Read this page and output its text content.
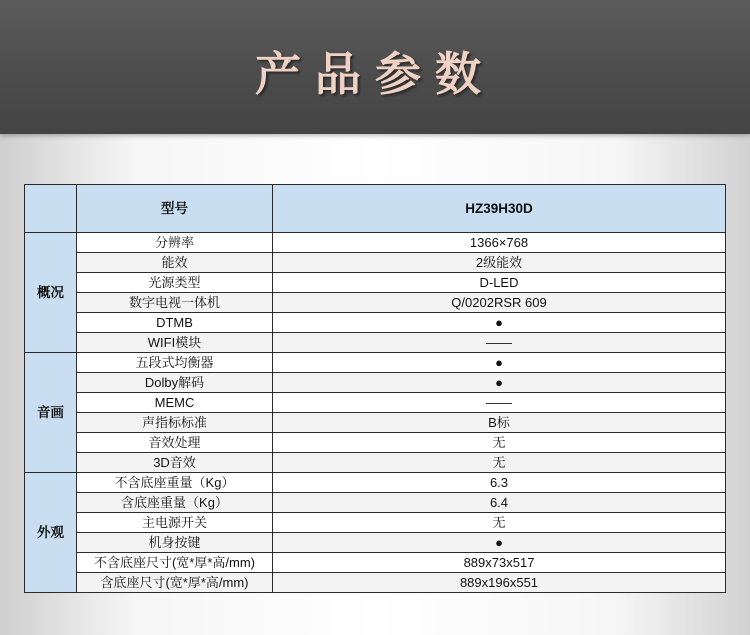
产品参数
	型号	HZ39H30D
概况	分辨率	1366×768
	能效	2级能效
	光源类型	D-LED
	数字电视一体机	Q/0202RSR 609
	DTMB	●
	WIFI模块	——
音画	五段式均衡器	●
	Dolby解码	●
	MEMC	——
	声指标标准	B标
	音效处理	无
	3D音效	无
外观	不含底座重量（Kg）	6.3
	含底座重量（Kg）	6.4
	主电源开关	无
	机身按键	●
	不含底座尺寸(宽*厚*高/mm)	889x73x517
	含底座尺寸(宽*厚*高/mm)	889x196x551
